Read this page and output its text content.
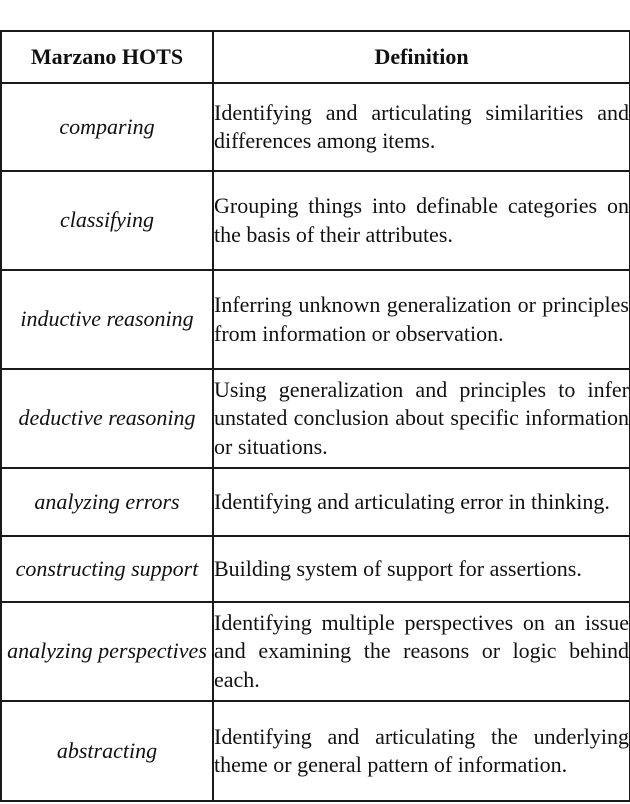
Marzano HOTS	Definition
comparing	Identifying and articulating similarities and differences among items.

classifying	Grouping things into definable categories on the basis of their attributes.

inductive reasoning	Inferring unknown generalization or principles from information or observation.

deductive reasoning	Using generalization and principles to infer unstated conclusion about specific information or situations.

analyzing errors	Identifying and articulating error in thinking.

constructing support	Building system of support for assertions.

analyzing perspectives	Identifying multiple perspectives on an issue and examining the reasons or logic behind each.

abstracting	Identifying and articulating the underlying theme or general pattern of information.
